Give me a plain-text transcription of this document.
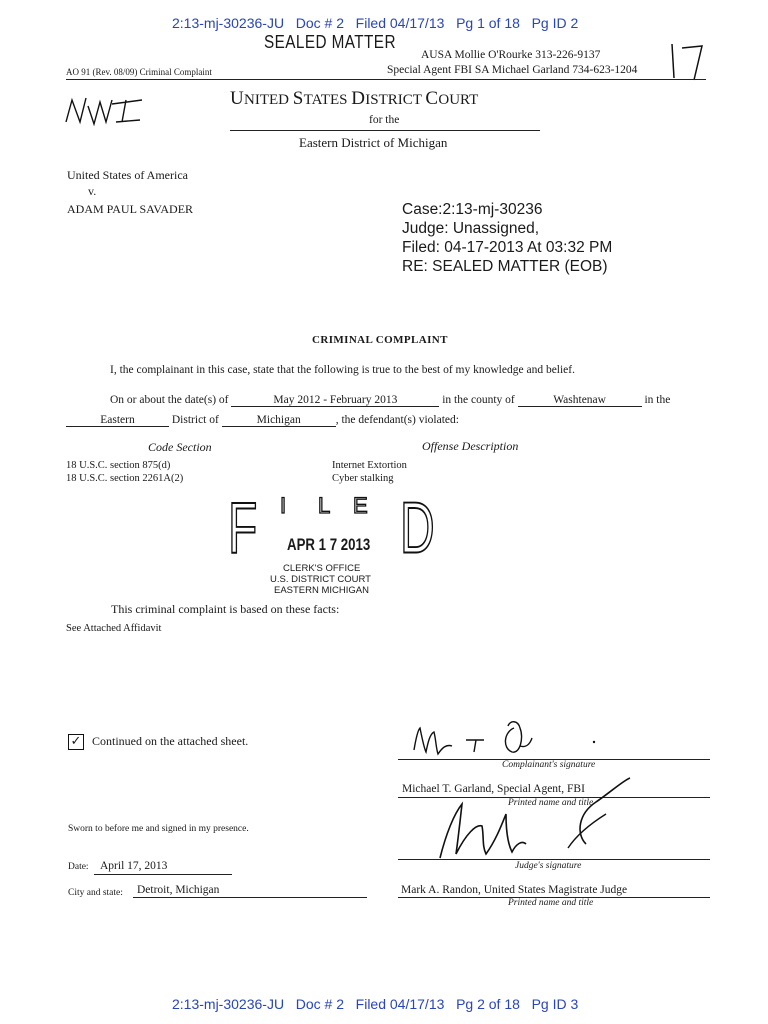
2:13-mj-30236-JU Doc # 2 Filed 04/17/13 Pg 1 of 18 Pg ID 2
SEALED MATTER
AUSA Mollie O'Rourke 313-226-9137
Special Agent FBI SA Michael Garland 734-623-1204
AO 91 (Rev. 08/09) Criminal Complaint
UNITED STATES DISTRICT COURT
for the
Eastern District of Michigan
United States of America
v.
ADAM PAUL SAVADER	Case:2:13-mj-30236
Judge: Unassigned,
Filed: 04-17-2013 At 03:32 PM
RE: SEALED MATTER (EOB)
CRIMINAL COMPLAINT
I, the complainant in this case, state that the following is true to the best of my knowledge and belief.
On or about the date(s) of	May 2012 - February 2013	in the county of	Washtenaw	in the
Eastern	District of	Michigan	, the defendant(s) violated:
Code Section	Offense Description
18 U.S.C. section 875(d)	Internet Extortion
18 U.S.C. section 2261A(2)	Cyber stalking
F I L E D
APR 1 7 2013
CLERK'S OFFICE
U.S. DISTRICT COURT
EASTERN MICHIGAN
This criminal complaint is based on these facts:
See Attached Affidavit
✓ Continued on the attached sheet.
Complainant's signature
Michael T. Garland, Special Agent, FBI
Printed name and title
Judge's signature
Sworn to before me and signed in my presence.
Date: April 17, 2013
City and state: Detroit, Michigan	Mark A. Randon, United States Magistrate Judge
Printed name and title
2:13-mj-30236-JU Doc # 2 Filed 04/17/13 Pg 2 of 18 Pg ID 3
